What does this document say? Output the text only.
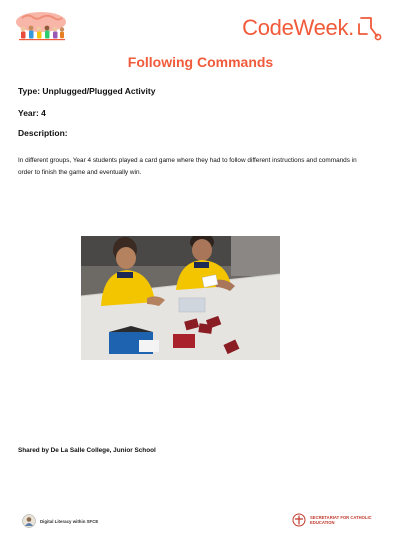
CodeWeek.
Following Commands
Type: Unplugged/Plugged Activity
Year: 4
Description:
In different groups, Year 4 students played a card game where they had to follow different instructions and commands in order to finish the game and eventually win.
Shared by De La Salle College, Junior School
Digital Literacy within SFCE
SECRETARIAT FOR CATHOLIC EDUCATION
